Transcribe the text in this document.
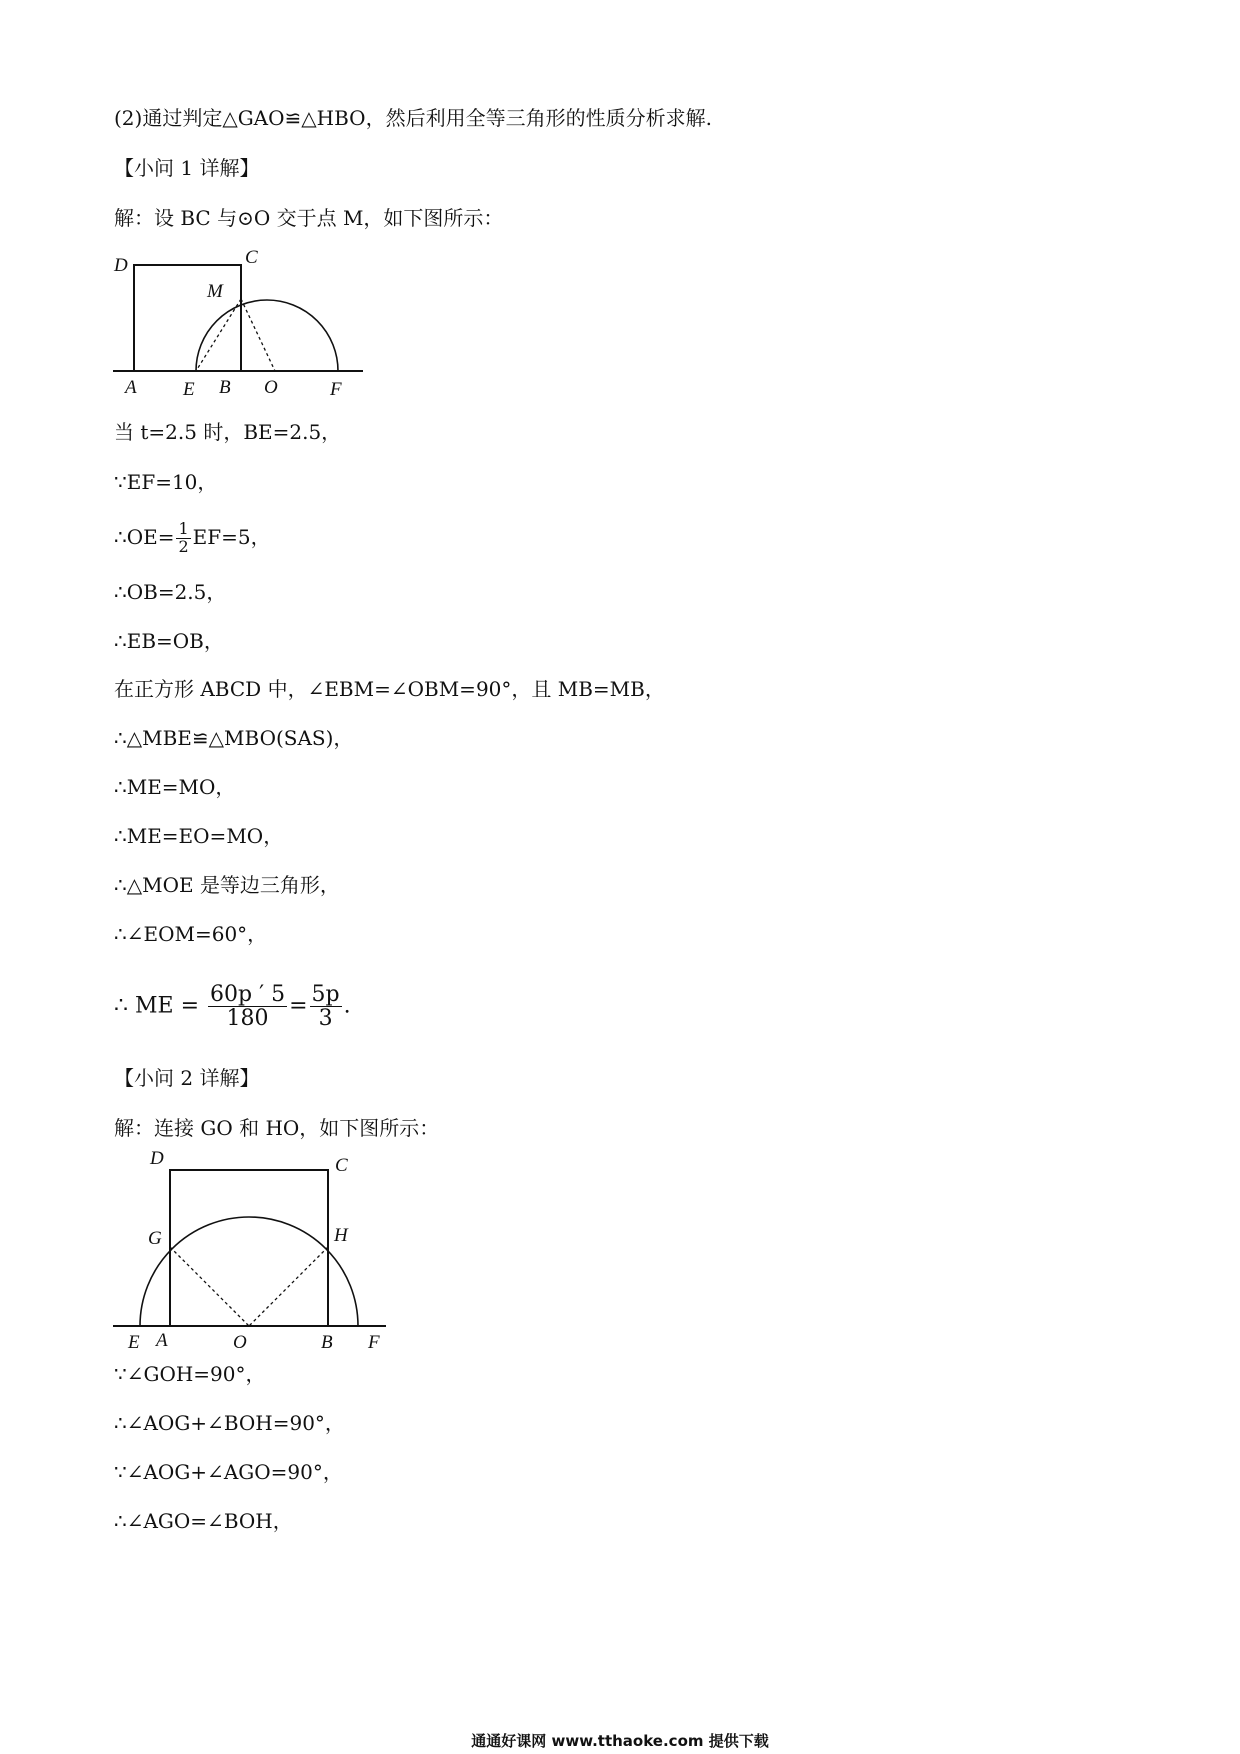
(2)通过判定△GAO≌△HBO，然后利用全等三角形的性质分析求解.
【小问 1 详解】
解：设 BC 与⊙O 交于点 M，如下图所示：
D	C
M
A E B O	F
当 t=2.5 时，BE=2.5，
∵EF=10，
∴OE= $\frac{1}{2} EF=5$，
∴OB=2.5，
∴EB=OB，
在正方形 ABCD 中，∠EBM=∠OBM=90°，且 MB=MB，
∴△MBE≌△MBO(SAS)，
∴ME=MO，
∴ME=EO=MO，
∴△MOE 是等边三角形，
∴∠EOM=60°，
∴ ME = $\frac{60p ' 5}{180} = \frac{5p}{3}$ .
【小问 2 详解】
解：连接 GO 和 HO，如下图所示：
D	C
G	H
E A	O	B F
∵∠GOH=90°，
∴∠AOG+∠BOH=90°，
∵∠AOG+∠AGO=90°，
∴∠AGO=∠BOH，
通通好课网 www.tthaoke.com 提供下载
